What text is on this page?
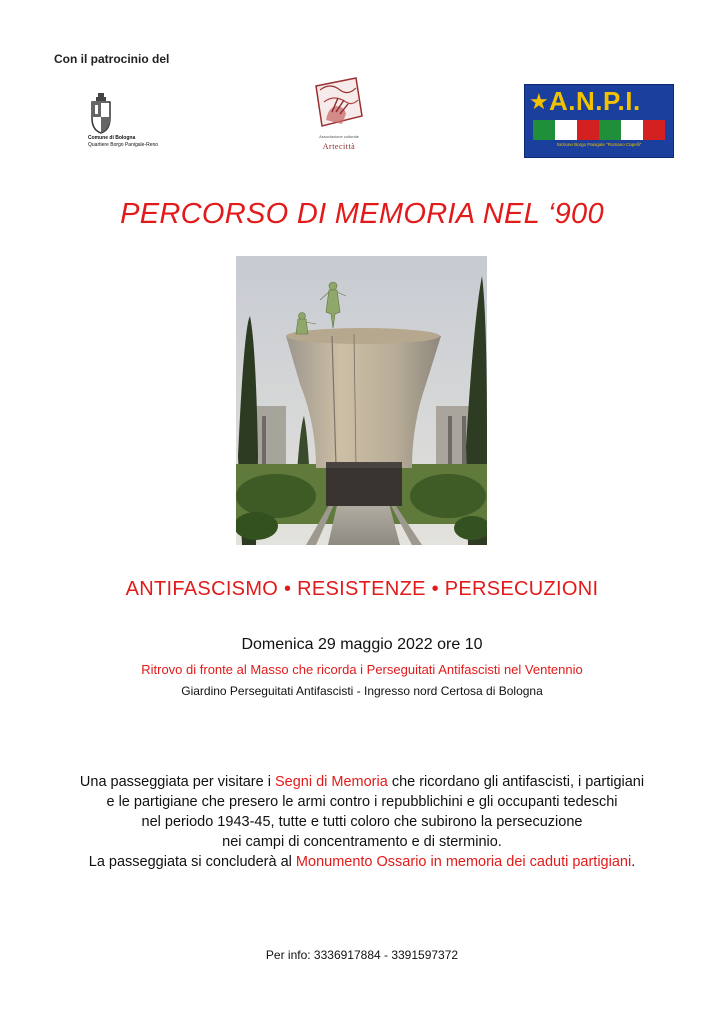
Con il patrocinio del
Comune di Bologna
Quartiere Borgo Panigale-Reno
Associazione culturale
Artecittà
★ A.N.P.I.
Sezione Borgo Panigale "Romano Capelli"
PERCORSO DI MEMORIA NEL ‘900
ANTIFASCISMO • RESISTENZE • PERSECUZIONI
Domenica 29 maggio 2022 ore 10
Ritrovo di fronte al Masso che ricorda i Perseguitati Antifascisti nel Ventennio
Giardino Perseguitati Antifascisti - Ingresso nord Certosa di Bologna
Una passeggiata per visitare i Segni di Memoria che ricordano gli antifascisti, i partigiani
e le partigiane che presero le armi contro i repubblichini e gli occupanti tedeschi
nel periodo 1943-45, tutte e tutti coloro che subirono la persecuzione
nei campi di concentramento e di sterminio.
La passeggiata si concluderà al Monumento Ossario in memoria dei caduti partigiani.
Per info: 3336917884 - 3391597372
